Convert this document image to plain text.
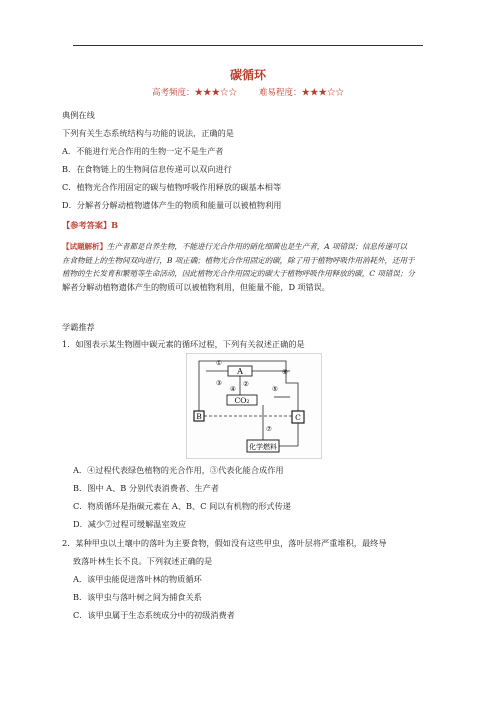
碳循环
高考频度：★★★☆☆	难易程度：★★★☆☆
典例在线
下列有关生态系统结构与功能的说法，正确的是
A．不能进行光合作用的生物一定不是生产者
B．在食物链上的生物间信息传递可以双向进行
C．植物光合作用固定的碳与植物呼吸作用释放的碳基本相等
D．分解者分解动植物遗体产生的物质和能量可以被植物利用
【参考答案】B
【试题解析】生产者都是自养生物，不能进行光合作用的硝化细菌也是生产者，A 项错误；信息传递可以
在食物链上的生物间双向进行，B 项正确；植物光合作用固定的碳，除了用于植物呼吸作用消耗外，还用于
植物的生长发育和繁殖等生命活动，因此植物光合作用固定的碳大于植物呼吸作用释放的碳，C 项错误；分
解者分解动植物遗体产生的物质可以被植物利用，但能量不能，D 项错误。
学霸推荐
1．如图表示某生物圈中碳元素的循环过程，下列有关叙述正确的是
A
CO₂
B	C
化学燃料
①
②
③
④	⑤
⑥
⑦
A．④过程代表绿色植物的光合作用，③代表化能合成作用
B．图中 A、B 分别代表消费者、生产者
C．物质循环是指碳元素在 A、B、C 间以有机物的形式传递
D．减少⑦过程可缓解温室效应
2．某种甲虫以土壤中的落叶为主要食物，假如没有这些甲虫，落叶层将严重堆积，最终导
致落叶林生长不良。下列叙述正确的是
A．该甲虫能促进落叶林的物质循环
B．该甲虫与落叶树之间为捕食关系
C．该甲虫属于生态系统成分中的初级消费者
